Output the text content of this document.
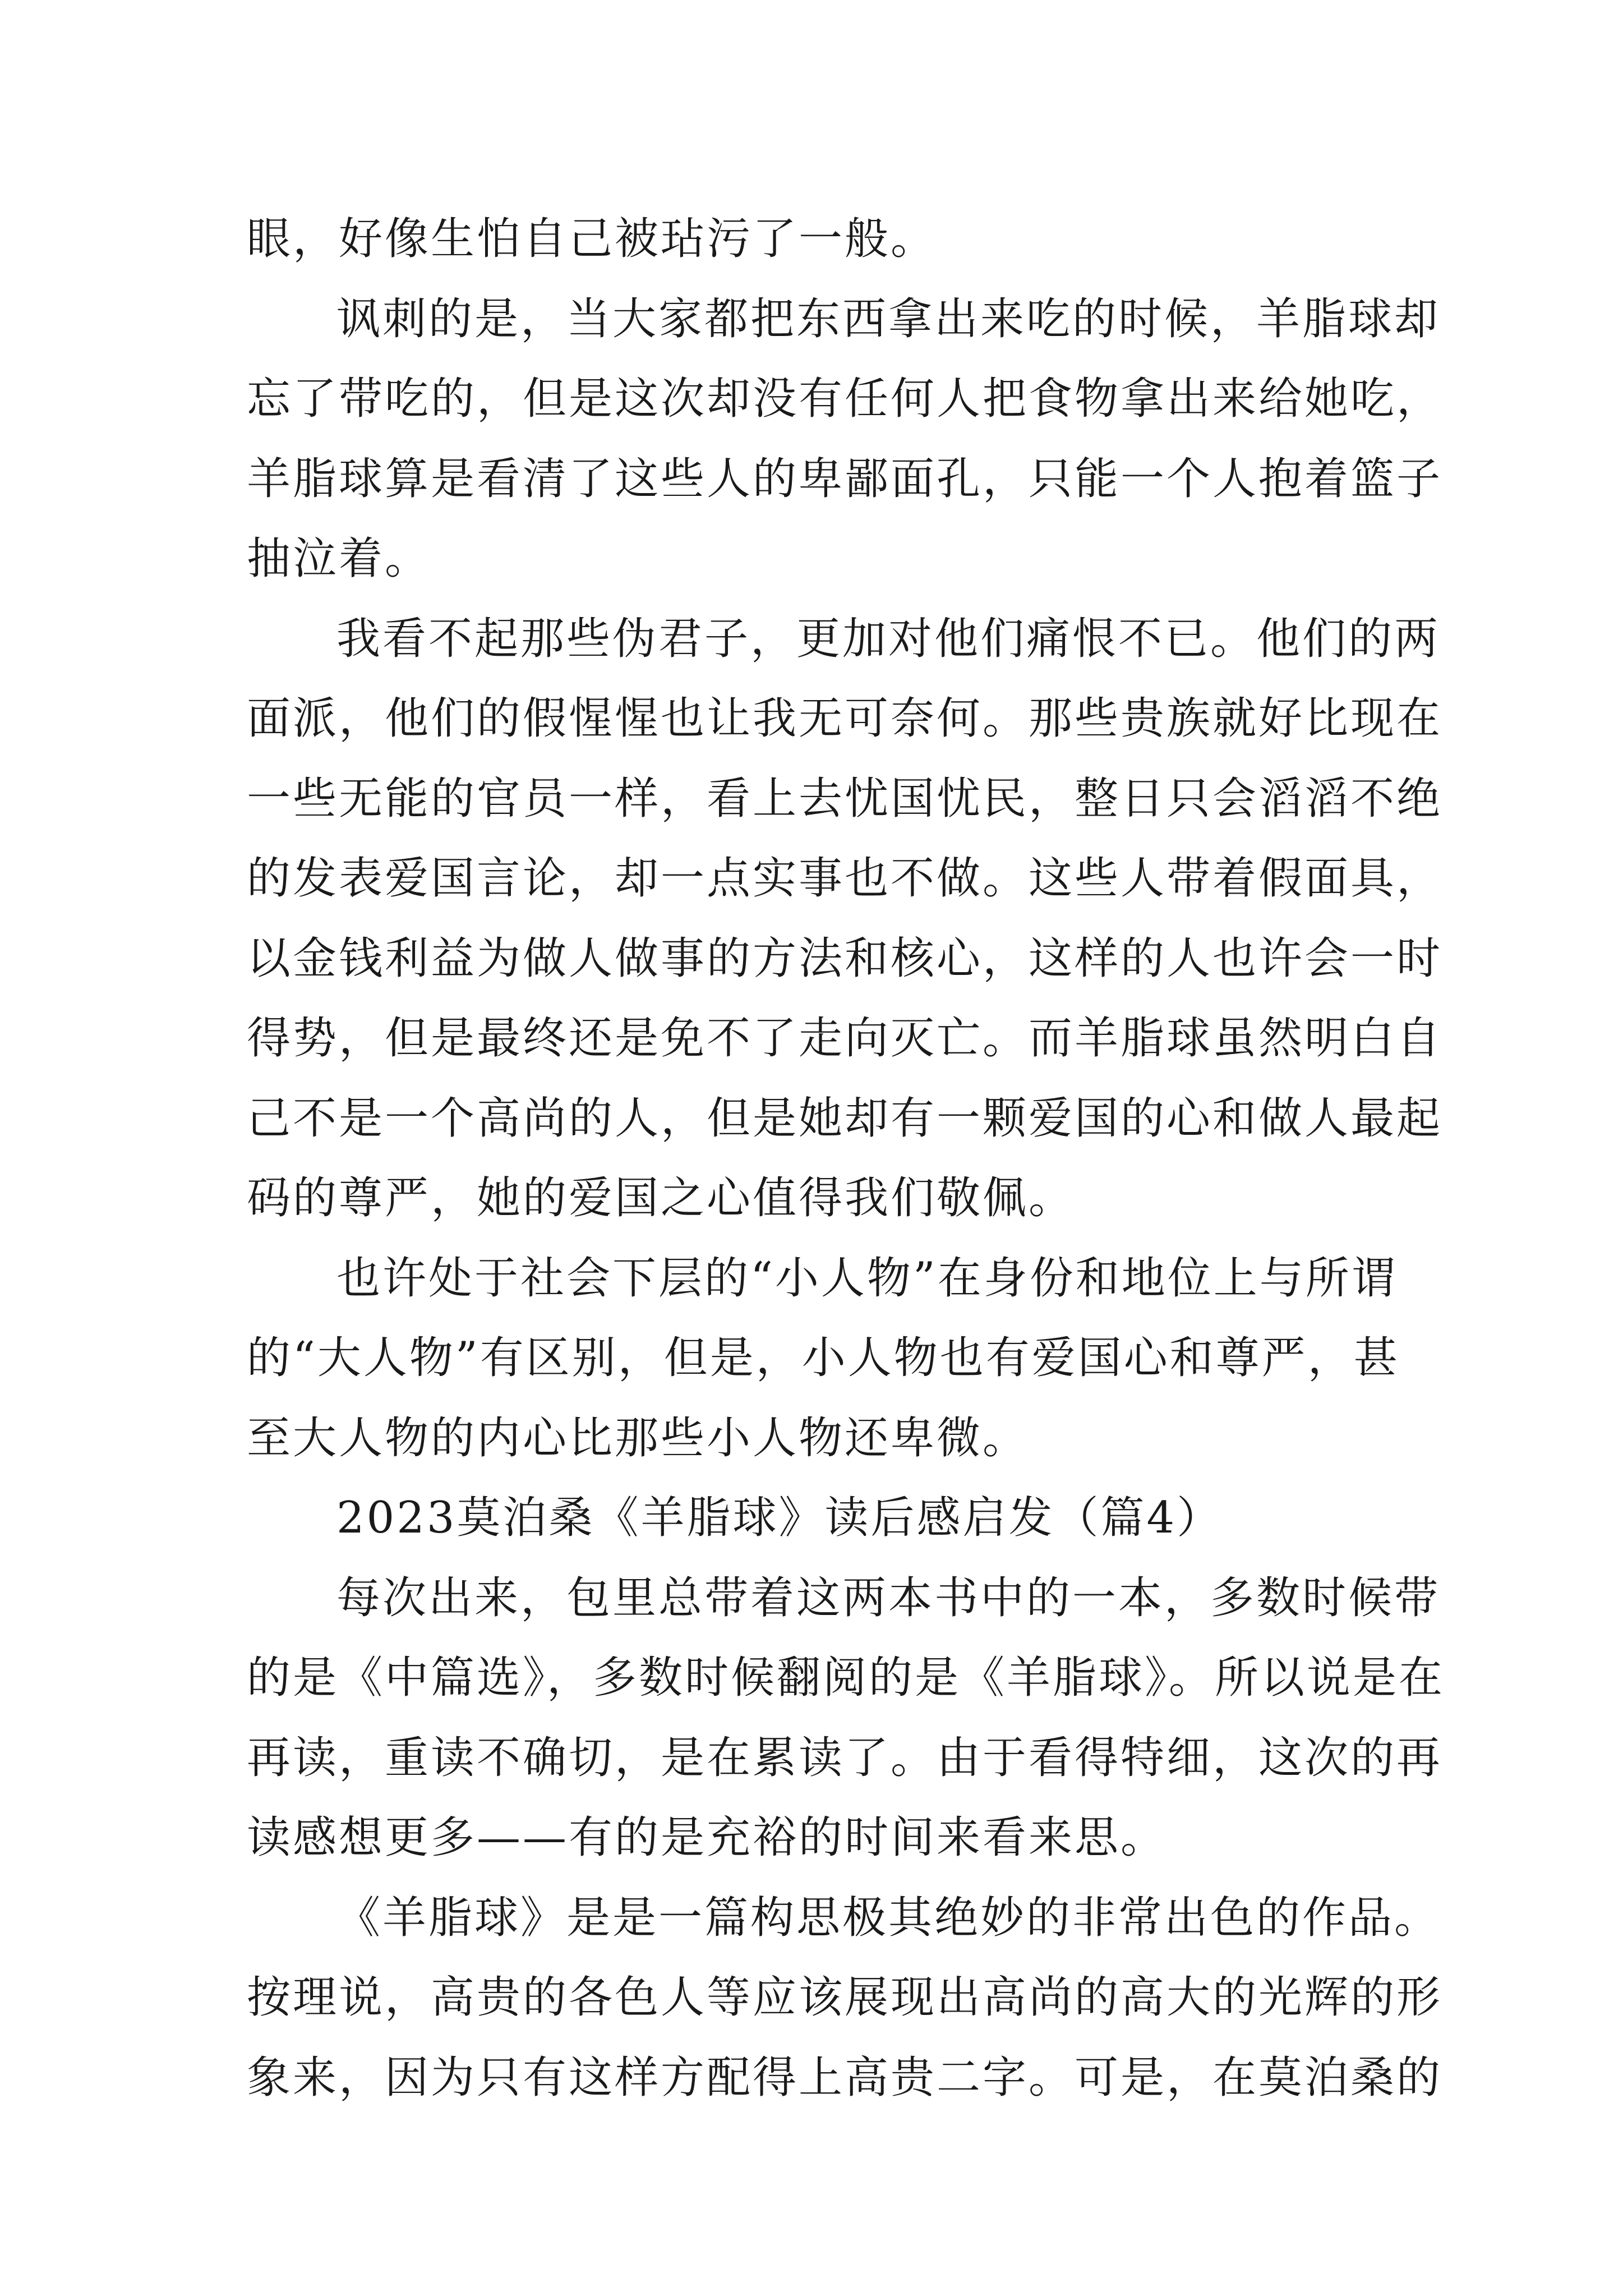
眼，好像生怕自己被玷污了一般。
讽刺的是，当大家都把东西拿出来吃的时候，羊脂球却
忘了带吃的，但是这次却没有任何人把食物拿出来给她吃，
羊脂球算是看清了这些人的卑鄙面孔，只能一个人抱着篮子
抽泣着。
我看不起那些伪君子，更加对他们痛恨不已。他们的两
面派，他们的假惺惺也让我无可奈何。那些贵族就好比现在
一些无能的官员一样，看上去忧国忧民，整日只会滔滔不绝
的发表爱国言论，却一点实事也不做。这些人带着假面具，
以金钱利益为做人做事的方法和核心，这样的人也许会一时
得势，但是最终还是免不了走向灭亡。而羊脂球虽然明白自
己不是一个高尚的人，但是她却有一颗爱国的心和做人最起
码的尊严，她的爱国之心值得我们敬佩。
也许处于社会下层的“小人物”在身份和地位上与所谓
的“大人物”有区别，但是，小人物也有爱国心和尊严，甚
至大人物的内心比那些小人物还卑微。
2023莫泊桑《羊脂球》读后感启发（篇4）
每次出来，包里总带着这两本书中的一本，多数时候带
的是《中篇选》，多数时候翻阅的是《羊脂球》。所以说是在
再读，重读不确切，是在累读了。由于看得特细，这次的再
读感想更多——有的是充裕的时间来看来思。
《羊脂球》是是一篇构思极其绝妙的非常出色的作品。
按理说，高贵的各色人等应该展现出高尚的高大的光辉的形
象来，因为只有这样方配得上高贵二字。可是，在莫泊桑的
